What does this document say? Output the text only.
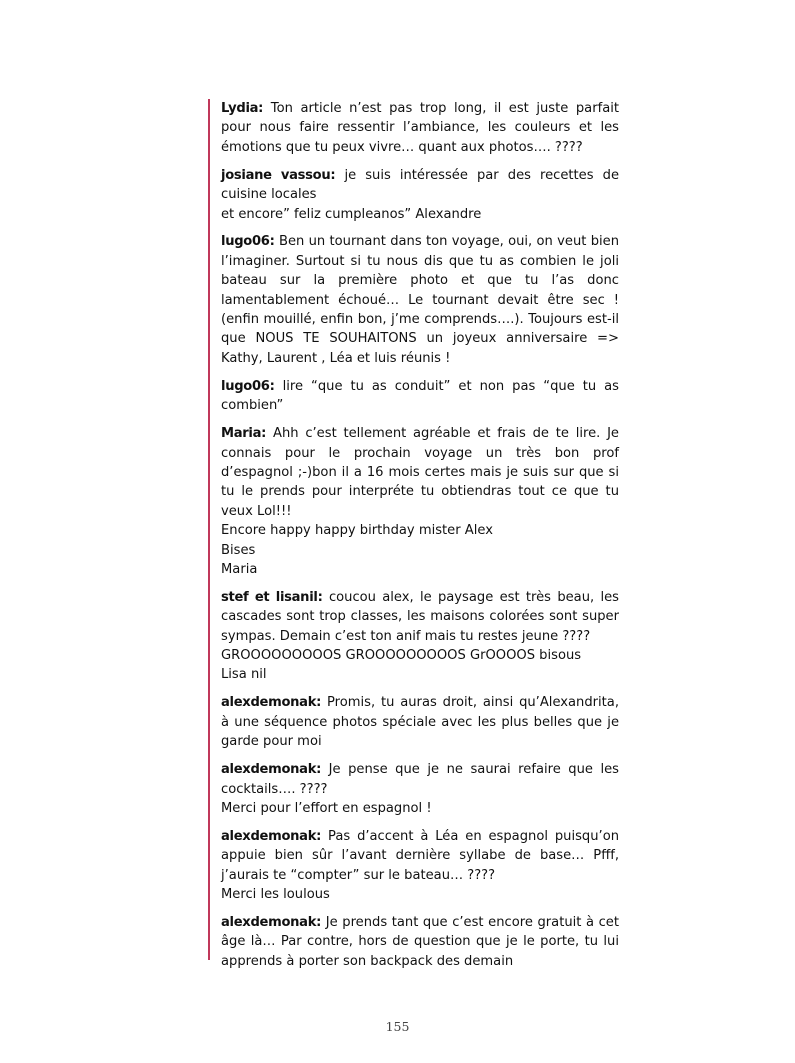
Lydia: Ton article n’est pas trop long, il est juste parfait pour nous faire ressentir l’ambiance, les couleurs et les émotions que tu peux vivre… quant aux photos…. ????

josiane vassou: je suis intéressée par des recettes de cuisine locales
et encore” feliz cumpleanos” Alexandre

lugo06: Ben un tournant dans ton voyage, oui, on veut bien l’imaginer. Surtout si tu nous dis que tu as combien le joli bateau sur la première photo et que tu l’as donc lamentablement échoué… Le tournant devait être sec ! (enfin mouillé, enfin bon, j’me comprends….). Toujours est-il que NOUS TE SOUHAITONS un joyeux anniversaire => Kathy, Laurent , Léa et luis réunis !

lugo06: lire “que tu as conduit” et non pas “que tu as combien”

Maria: Ahh c’est tellement agréable et frais de te lire. Je connais pour le prochain voyage un très bon prof d’espagnol ;-)bon il a 16 mois certes mais je suis sur que si tu le prends pour interpréte tu obtiendras tout ce que tu veux Lol!!!
Encore happy happy birthday mister Alex
Bises
Maria

stef et lisanil: coucou alex, le paysage est très beau, les cascades sont trop classes, les maisons colorées sont super sympas. Demain c’est ton anif mais tu restes jeune ????
GROOOOOOOOOS GROOOOOOOOOS GrOOOOS bisous
Lisa nil

alexdemonak: Promis, tu auras droit, ainsi qu’Alexandrita, à une séquence photos spéciale avec les plus belles que je garde pour moi

alexdemonak: Je pense que je ne saurai refaire que les cocktails…. ????
Merci pour l’effort en espagnol !

alexdemonak: Pas d’accent à Léa en espagnol puisqu’on appuie bien sûr l’avant dernière syllabe de base… Pfff, j’aurais te “compter” sur le bateau… ????
Merci les loulous

alexdemonak: Je prends tant que c’est encore gratuit à cet âge là… Par contre, hors de question que je le porte, tu lui apprends à porter son backpack des demain

155
